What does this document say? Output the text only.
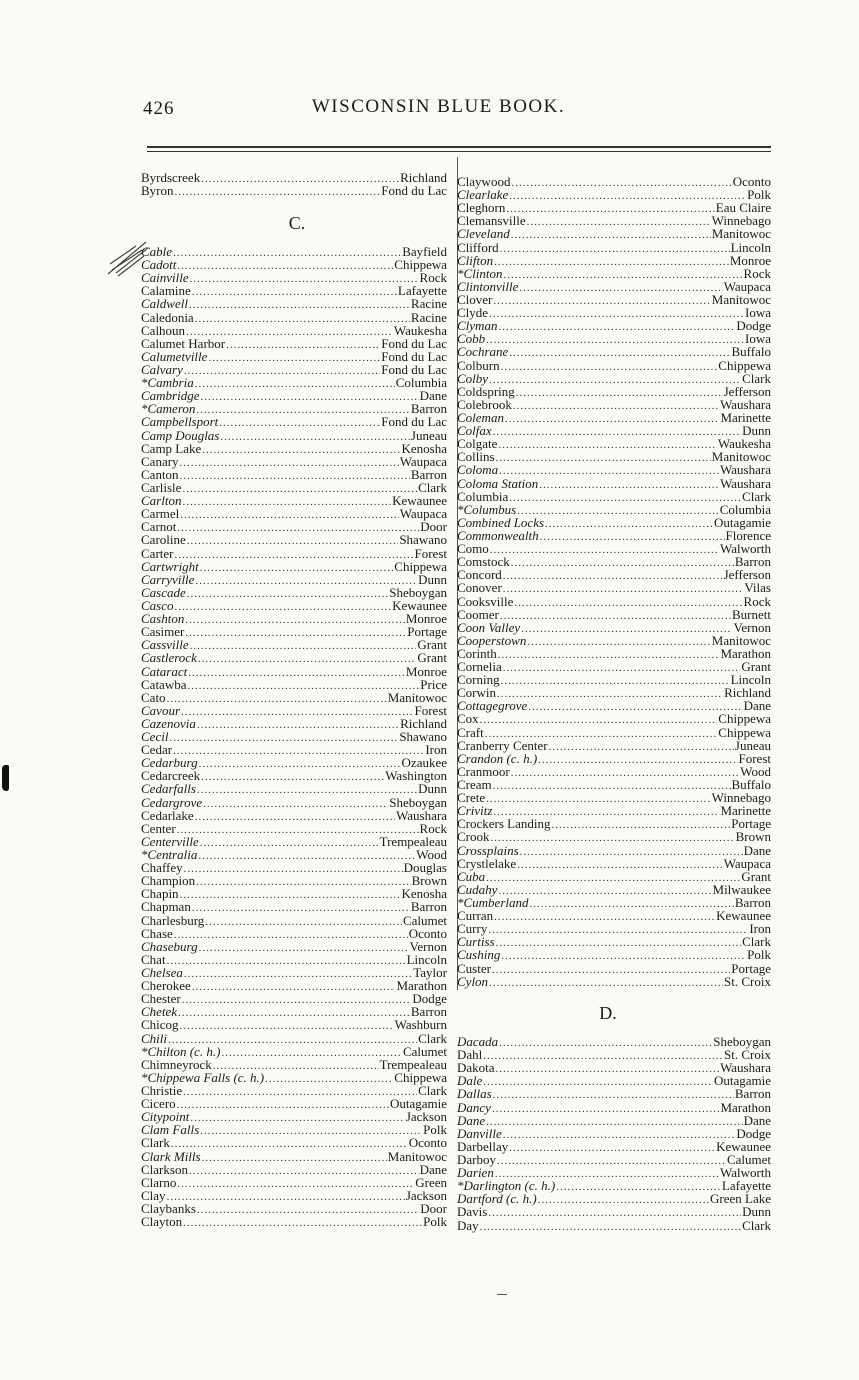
426	WISCONSIN BLUE BOOK.
Byrdscreek .....	Richland
Byron .....	Fond du Lac
C.
Cable .....	Bayfield
Cadott .....	Chippewa
Cainville .....	Rock
Calamine .....	Lafayette
Caldwell .....	Racine
Caledonia .....	Racine
Calhoun .....	Waukesha
Calumet Harbor .....	Fond du Lac
Calumetville .....	Fond du Lac
Calvary .....	Fond du Lac
*Cambria .....	Columbia
Cambridge .....	Dane
*Cameron .....	Barron
Campbellsport .....	Fond du Lac
Camp Douglas .....	Juneau
Camp Lake .....	Kenosha
Canary .....	Waupaca
Canton .....	Barron
Carlisle .....	Clark
Carlton .....	Kewaunee
Carmel .....	Waupaca
Carnot .....	Door
Caroline .....	Shawano
Carter .....	Forest
Cartwright .....	Chippewa
Carryville .....	Dunn
Cascade .....	Sheboygan
Casco .....	Kewaunee
Cashton .....	Monroe
Casimer .....	Portage
Cassville .....	Grant
Castlerock .....	Grant
Cataract .....	Monroe
Catawba .....	Price
Cato .....	Manitowoc
Cavour .....	Forest
Cazenovia .....	Richland
Cecil .....	Shawano
Cedar .....	Iron
Cedarburg .....	Ozaukee
Cedarcreek .....	Washington
Cedarfalls .....	Dunn
Cedargrove .....	Sheboygan
Cedarlake .....	Waushara
Center .....	Rock
Centerville .....	Trempealeau
*Centralia .....	Wood
Chaffey .....	Douglas
Champion .....	Brown
Chapin .....	Kenosha
Chapman .....	Barron
Charlesburg .....	Calumet
Chase .....	Oconto
Chaseburg .....	Vernon
Chat .....	Lincoln
Chelsea .....	Taylor
Cherokee .....	Marathon
Chester .....	Dodge
Chetek .....	Barron
Chicog .....	Washburn
Chili .....	Clark
*Chilton (c. h.) .....	Calumet
Chimneyrock .....	Trempealeau
*Chippewa Falls (c. h.) .....	Chippewa
Christie .....	Clark
Cicero .....	Outagamie
Citypoint .....	Jackson
Clam Falls .....	Polk
Clark .....	Oconto
Clark Mills .....	Manitowoc
Clarkson .....	Dane
Clarno .....	Green
Clay .....	Jackson
Claybanks .....	Door
Clayton .....	Polk
Claywood .....	Oconto
Clearlake .....	Polk
Cleghorn .....	Eau Claire
Clemansville .....	Winnebago
Cleveland .....	Manitowoc
Clifford .....	Lincoln
Clifton .....	Monroe
*Clinton .....	Rock
Clintonville .....	Waupaca
Clover .....	Manitowoc
Clyde .....	Iowa
Clyman .....	Dodge
Cobb .....	Iowa
Cochrane .....	Buffalo
Colburn .....	Chippewa
Colby .....	Clark
Coldspring .....	Jefferson
Colebrook .....	Waushara
Coleman .....	Marinette
Colfax .....	Dunn
Colgate .....	Waukesha
Collins .....	Manitowoc
Coloma .....	Waushara
Coloma Station .....	Waushara
Columbia .....	Clark
*Columbus .....	Columbia
Combined Locks .....	Outagamie
Commonwealth .....	Florence
Como .....	Walworth
Comstock .....	Barron
Concord .....	Jefferson
Conover .....	Vilas
Cooksville .....	Rock
Coomer .....	Burnett
Coon Valley .....	Vernon
Cooperstown .....	Manitowoc
Corinth .....	Marathon
Cornelia .....	Grant
Corning .....	Lincoln
Corwin .....	Richland
Cottagegrove .....	Dane
Cox .....	Chippewa
Craft .....	Chippewa
Cranberry Center .....	Juneau
Crandon (c. h.) .....	Forest
Cranmoor .....	Wood
Cream .....	Buffalo
Crete .....	Winnebago
Crivitz .....	Marinette
Crockers Landing .....	Portage
Crook .....	Brown
Crossplains .....	Dane
Crystlelake .....	Waupaca
Cuba .....	Grant
Cudahy .....	Milwaukee
*Cumberland .....	Barron
Curran .....	Kewaunee
Curry .....	Iron
Curtiss .....	Clark
Cushing .....	Polk
Custer .....	Portage
Cylon .....	St. Croix
D.
Dacada .....	Sheboygan
Dahl .....	St. Croix
Dakota .....	Waushara
Dale .....	Outagamie
Dallas .....	Barron
Dancy .....	Marathon
Dane .....	Dane
Danville .....	Dodge
Darbellay .....	Kewaunee
Darboy .....	Calumet
Darien .....	Walworth
*Darlington (c. h.) .....	Lafayette
Dartford (c. h.) .....	Green Lake
Davis .....	Dunn
Day .....	Clark
